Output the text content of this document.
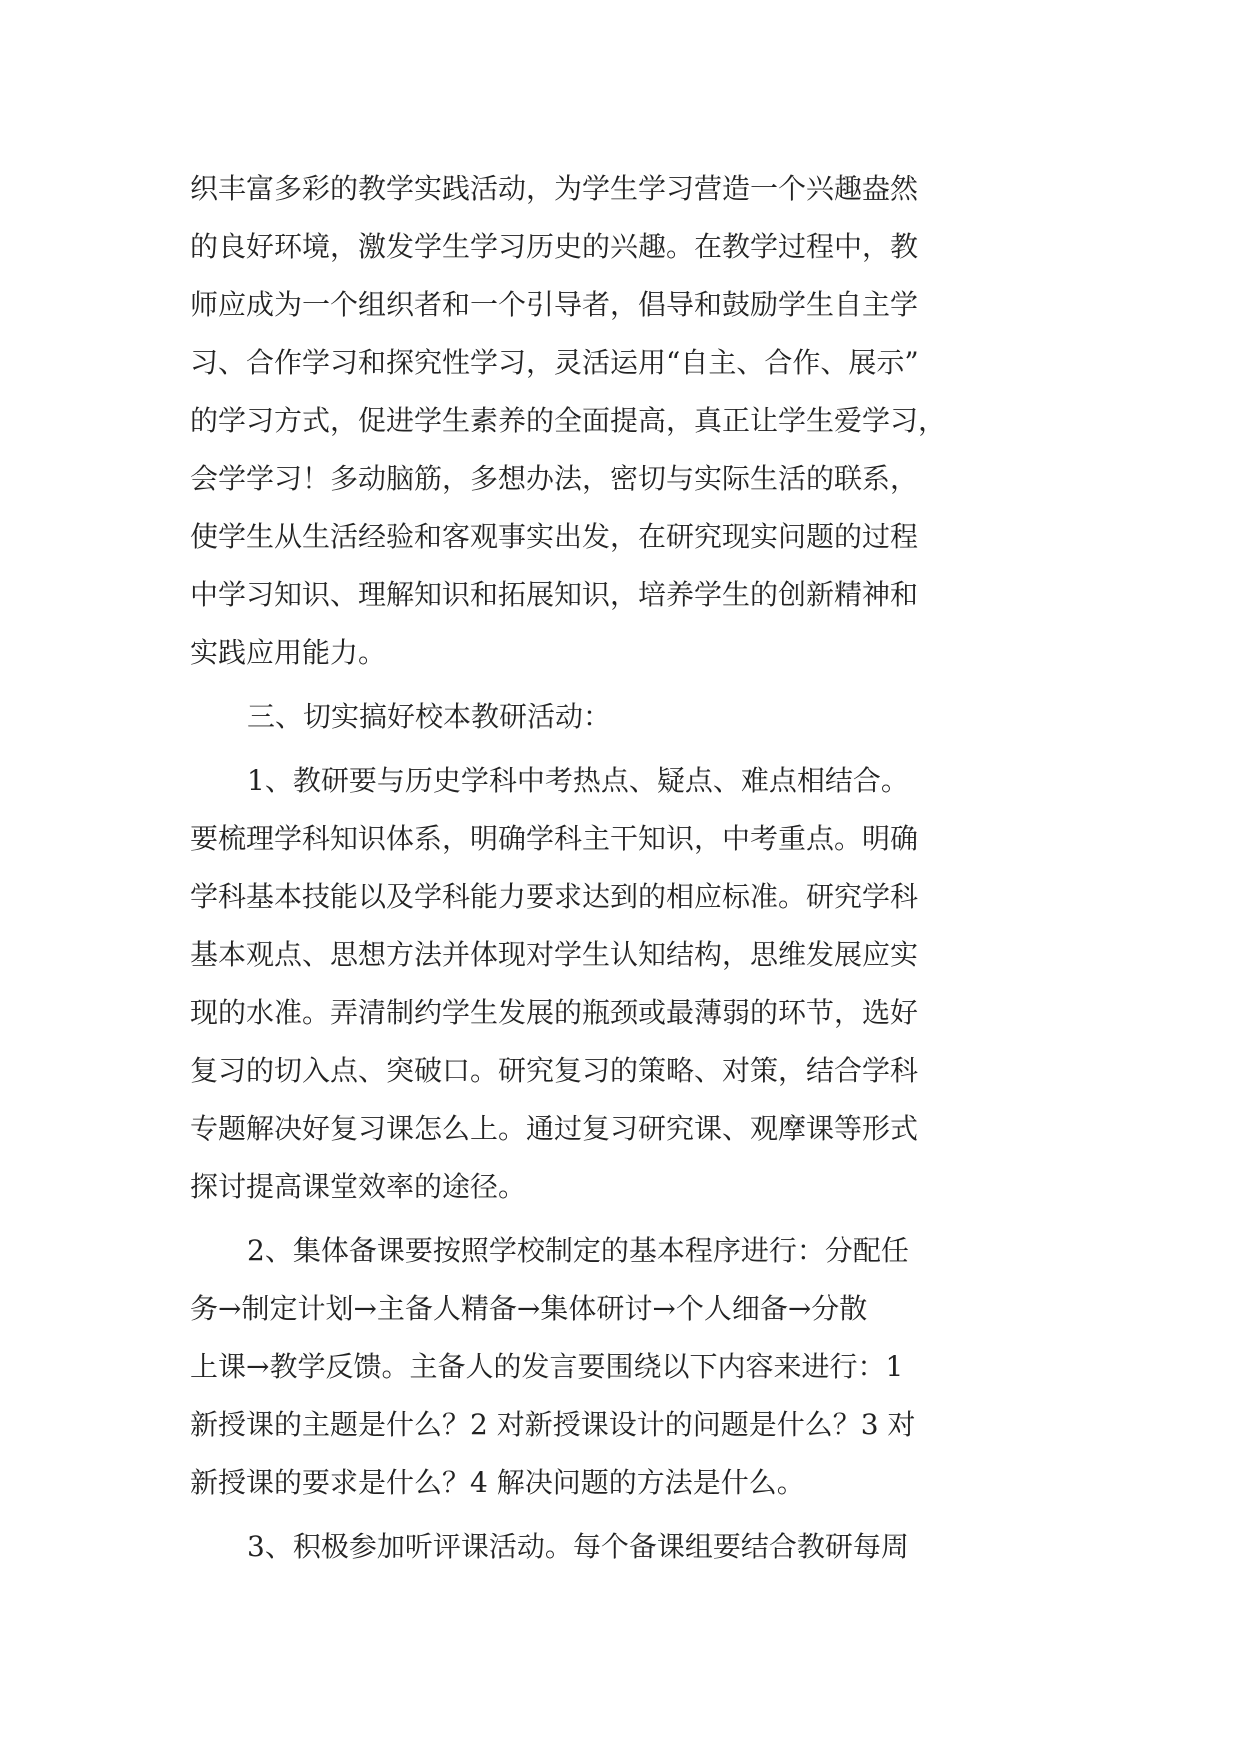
织丰富多彩的教学实践活动，为学生学习营造一个兴趣盎然
的良好环境，激发学生学习历史的兴趣。在教学过程中，教
师应成为一个组织者和一个引导者，倡导和鼓励学生自主学
习、合作学习和探究性学习，灵活运用“自主、合作、展示”
的学习方式，促进学生素养的全面提高，真正让学生爱学习，
会学学习！多动脑筋，多想办法，密切与实际生活的联系，
使学生从生活经验和客观事实出发，在研究现实问题的过程
中学习知识、理解知识和拓展知识，培养学生的创新精神和
实践应用能力。
三、切实搞好校本教研活动：
1、教研要与历史学科中考热点、疑点、难点相结合。
要梳理学科知识体系，明确学科主干知识，中考重点。明确
学科基本技能以及学科能力要求达到的相应标准。研究学科
基本观点、思想方法并体现对学生认知结构，思维发展应实
现的水准。弄清制约学生发展的瓶颈或最薄弱的环节，选好
复习的切入点、突破口。研究复习的策略、对策，结合学科
专题解决好复习课怎么上。通过复习研究课、观摩课等形式
探讨提高课堂效率的途径。
2、集体备课要按照学校制定的基本程序进行：分配任
务→制定计划→主备人精备→集体研讨→个人细备→分散
上课→教学反馈。主备人的发言要围绕以下内容来进行：1
新授课的主题是什么？2 对新授课设计的问题是什么？3 对
新授课的要求是什么？4 解决问题的方法是什么。
3、积极参加听评课活动。每个备课组要结合教研每周
